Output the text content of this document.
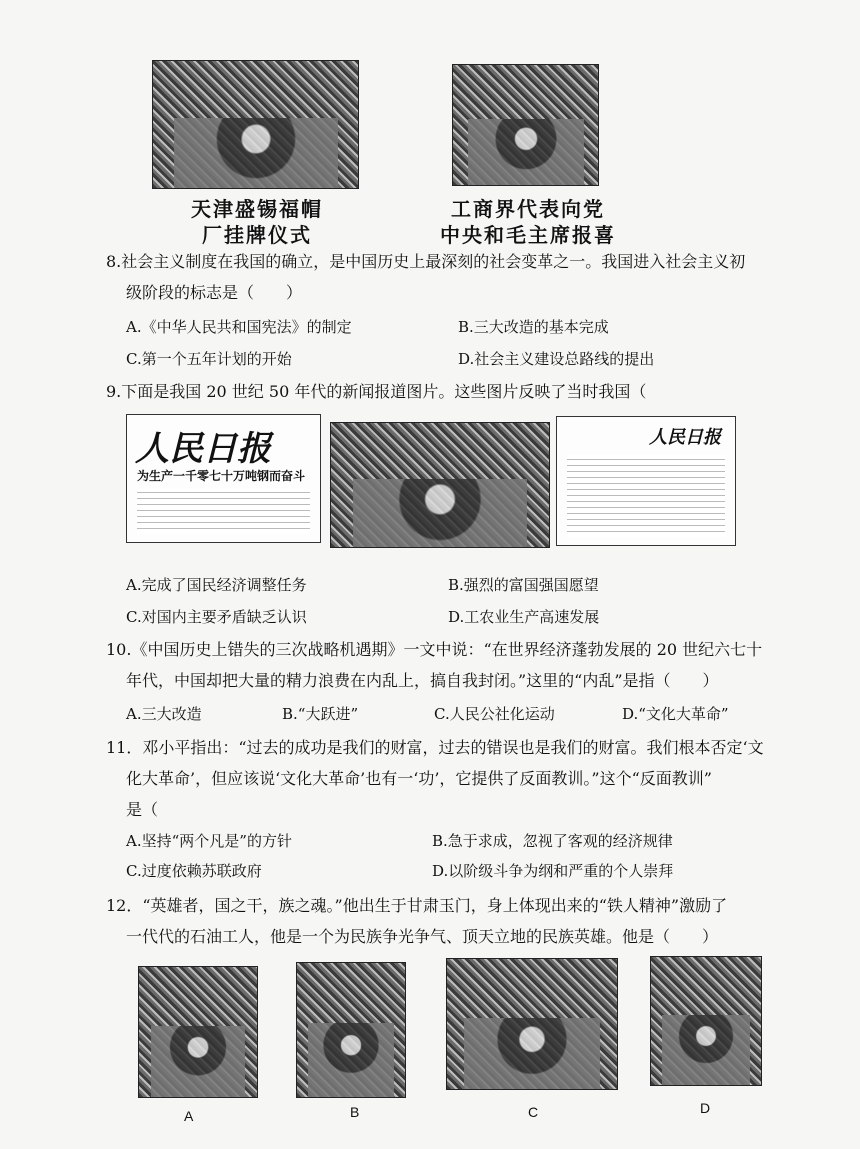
天津盛锡福帽
厂挂牌仪式
工商界代表向党
中央和毛主席报喜
8.社会主义制度在我国的确立，是中国历史上最深刻的社会变革之一。我国进入社会主义初
级阶段的标志是（　　）
A.《中华人民共和国宪法》的制定	B.三大改造的基本完成
C.第一个五年计划的开始	D.社会主义建设总路线的提出
9.下面是我国 20 世纪 50 年代的新闻报道图片。这些图片反映了当时我国（
人民日报
为生产一千零七十万吨钢而奋斗
人民日报
A.完成了国民经济调整任务	B.强烈的富国强国愿望
C.对国内主要矛盾缺乏认识	D.工农业生产高速发展
10.《中国历史上错失的三次战略机遇期》一文中说：“在世界经济蓬勃发展的 20 世纪六七十
年代，中国却把大量的精力浪费在内乱上，搞自我封闭。”这里的“内乱”是指（　　）
A.三大改造	B.“大跃进”	C.人民公社化运动	D.“文化大革命”
11．邓小平指出：“过去的成功是我们的财富，过去的错误也是我们的财富。我们根本否定‘文
化大革命’，但应该说‘文化大革命’也有一‘功’，它提供了反面教训。”这个“反面教训”
是（
A.坚持“两个凡是”的方针	B.急于求成，忽视了客观的经济规律
C.过度依赖苏联政府	D.以阶级斗争为纲和严重的个人崇拜
12．“英雄者，国之干，族之魂。”他出生于甘肃玉门，身上体现出来的“铁人精神”激励了
一代代的石油工人，他是一个为民族争光争气、顶天立地的民族英雄。他是（　　）
A	B	C	D
